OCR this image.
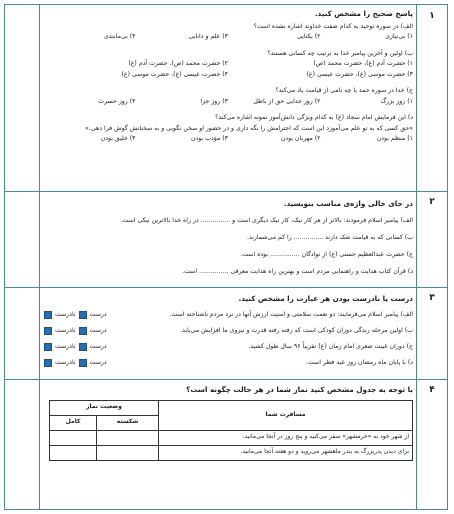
۱
پاسخ صحیح را مشخص کنید.
الف) در سوره توحید به کدام صفت خداوند اشاره نشده است؟
۱) بی‌نیازی
۲) یکتایی
۳) علم و دانایی
۴) بی‌مانندی
ب) اولین و آخرین پیامبر خدا به ترتیب چه کسانی هستند؟
۱) حضرت آدم (ع)، حضرت محمد (ص)
۲) حضرت محمد (ص)، حضرت آدم (ع)
۳) حضرت موسی (ع)، حضرت عیسی (ع)
۴) حضرت عیسی (ع)، حضرت موسی (ع)
ج) خدا در سوره حمد با چه نامی از قیامت یاد می‌کند؟
۱) روز بزرگ
۲) روز جدایی حق از باطل
۳) روز جزا
۴) روز حسرت
د) این فرمایش امام سجاد (ع) به کدام ویژگی دانش‌آموز نمونه اشاره می‌کند؟
«حق کسی که به تو علم می‌آموزد این است که احترامش را نگه داری و در حضور او سخن نگویی و به سخنانش گوش فرا دهی.»
۱) منظم بودن
۲) مهربان بودن
۳) مؤدب بودن
۴) خلیق بودن
۲
در جای خالی واژه‌ی مناسب بنویسید.
الف) پیامبر اسلام فرمودند: بالاتر از هر کار نیک، کار نیک دیگری است و ............... در راه خدا بالاترین نیکی است.
ب) کسانی که به قیامت شک دارند ............... را کم می‌شمارند.
ج) حضرت عبدالعظیم حسنی (ع) از نوادگان ............... بوده است.
د) قرآن کتاب هدایت و راهنمایی مردم است و بهترین راه هدایت معرفی ............... است.
۳
درست یا نادرست بودن هر عبارت را مشخص کنید.
الف) پیامبر اسلام می‌فرمایند: دو نعمت سلامتی و امنیت ارزش آنها در نزد مردم ناشناخته است.
درست
نادرست
ب) اولین مرحله زندگی دوران کودکی است که رفته رفته قدرت و نیروی ما افزایش می‌یابد.
درست
نادرست
ج) دوران غیبت صغری امام زمان (ع) تقریباً ۹۶ سال طول کشید.
درست
نادرست
د) با پایان ماه رمضان روز عید فطر است.
درست
نادرست
۴
با توجه به جدول مشخص کنید نماز شما در هر حالت چگونه است؟
مسافرت شما	وضعیت نماز	
	شکسته	کامل
از شهر خود به «خرمشهر» سفر می‌کنید و پنج روز در آنجا می‌مانید.		
برای دیدن پدربزرگ به بندر ماهشهر می‌روید و دو هفته آنجا می‌مانید.		
